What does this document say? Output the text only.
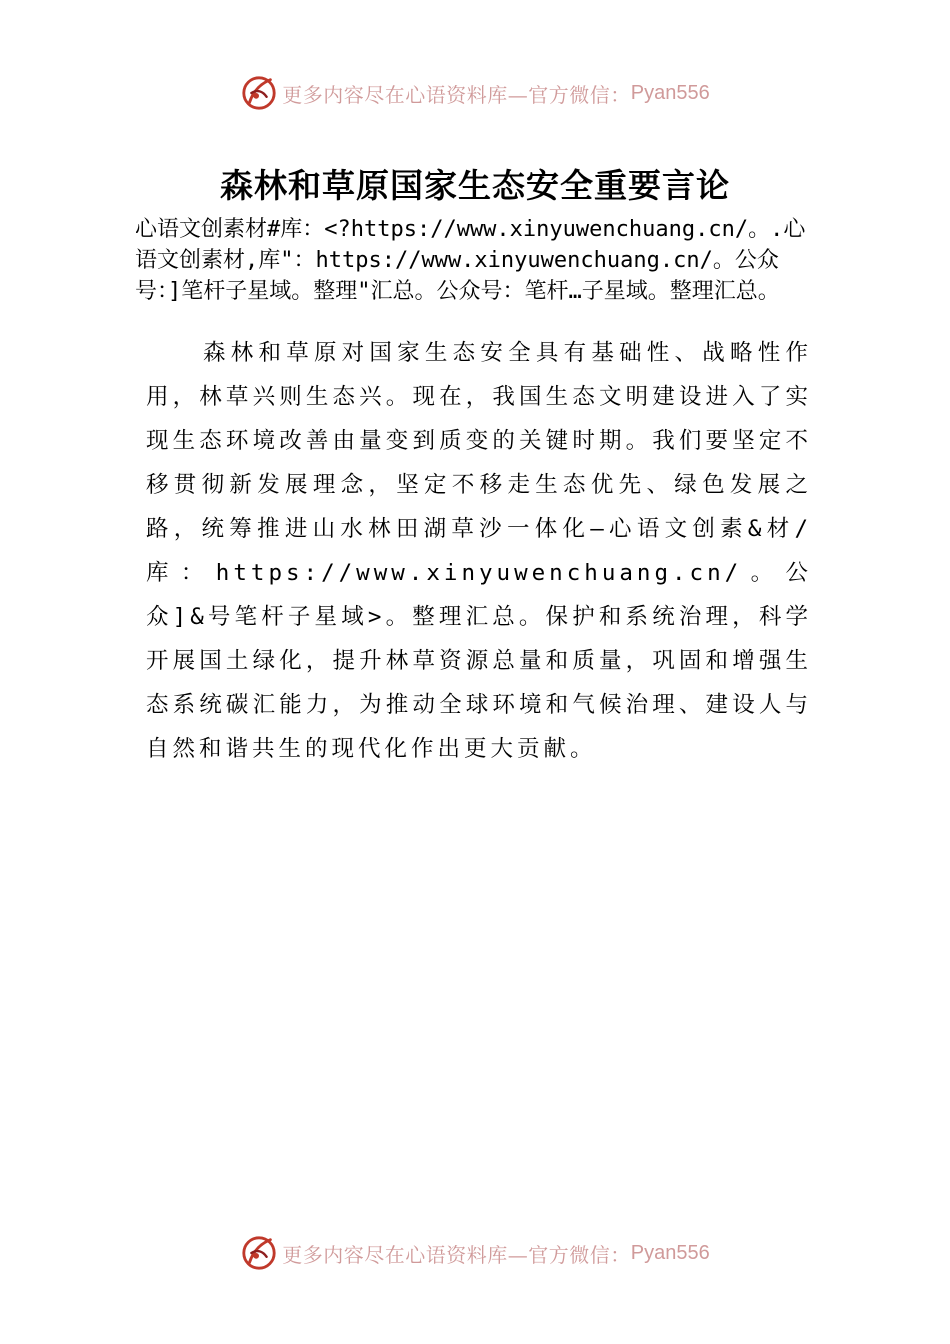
更多内容尽在心语资料库—官方微信： Pyan556
森林和草原国家生态安全重要言论

心语文创素材#库：<?https://www.xinyuwenchuang.cn/。.心语文创素材,库"：https://www.xinyuwenchuang.cn/。公众号：]笔杆子星域。整理"汇总。公众号：笔杆…子星域。整理汇总。

森林和草原对国家生态安全具有基础性、战略性作用，林草兴则生态兴。现在，我国生态文明建设进入了实现生态环境改善由量变到质变的关键时期。我们要坚定不移贯彻新发展理念，坚定不移走生态优先、绿色发展之路，统筹推进山水林田湖草沙一体化—心语文创素&材/库：https://www.xinyuwenchuang.cn/。公众]&号笔杆子星域>。整理汇总。保护和系统治理，科学开展国土绿化，提升林草资源总量和质量，巩固和增强生态系统碳汇能力，为推动全球环境和气候治理、建设人与自然和谐共生的现代化作出更大贡献。

更多内容尽在心语资料库—官方微信： Pyan556
